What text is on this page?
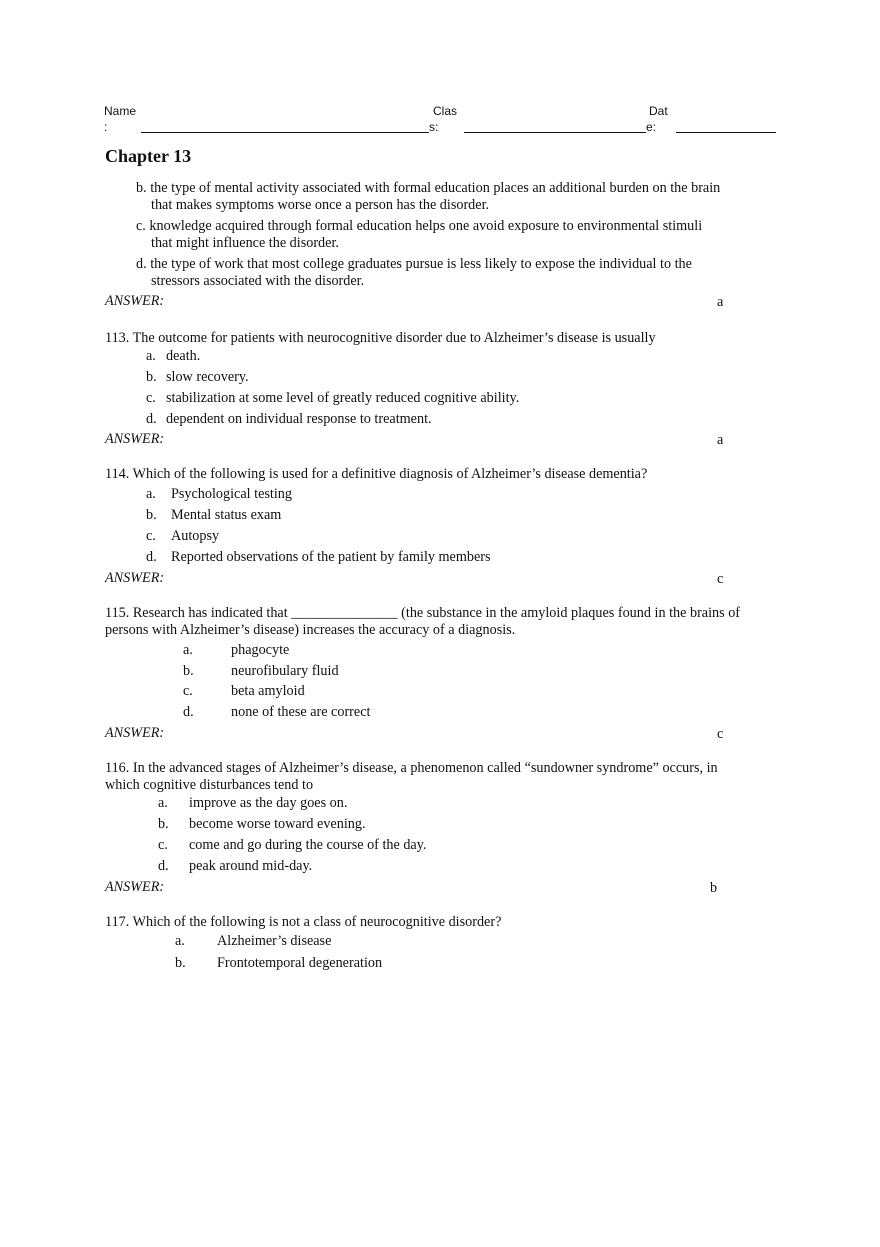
Name
:
Clas
s:
Dat
e:
Chapter 13
b. the type of mental activity associated with formal education places an additional burden on the brain
that makes symptoms worse once a person has the disorder.
c. knowledge acquired through formal education helps one avoid exposure to environmental stimuli
that might influence the disorder.
d. the type of work that most college graduates pursue is less likely to expose the individual to the
stressors associated with the disorder.
ANSWER:	a
113. The outcome for patients with neurocognitive disorder due to Alzheimer’s disease is usually
a. death.
b. slow recovery.
c. stabilization at some level of greatly reduced cognitive ability.
d. dependent on individual response to treatment.
ANSWER:	a
114. Which of the following is used for a definitive diagnosis of Alzheimer’s disease dementia?
a. Psychological testing
b. Mental status exam
c. Autopsy
d. Reported observations of the patient by family members
ANSWER:	c
115. Research has indicated that _______________ (the substance in the amyloid plaques found in the brains of
persons with Alzheimer’s disease) increases the accuracy of a diagnosis.
a.	phagocyte
b.	neurofibulary fluid
c.	beta amyloid
d.	none of these are correct
ANSWER:	c
116. In the advanced stages of Alzheimer’s disease, a phenomenon called “sundowner syndrome” occurs, in
which cognitive disturbances tend to
a. improve as the day goes on.
b. become worse toward evening.
c. come and go during the course of the day.
d. peak around mid-day.
ANSWER:	b
117. Which of the following is not a class of neurocognitive disorder?
a. Alzheimer’s disease
b. Frontotemporal degeneration
